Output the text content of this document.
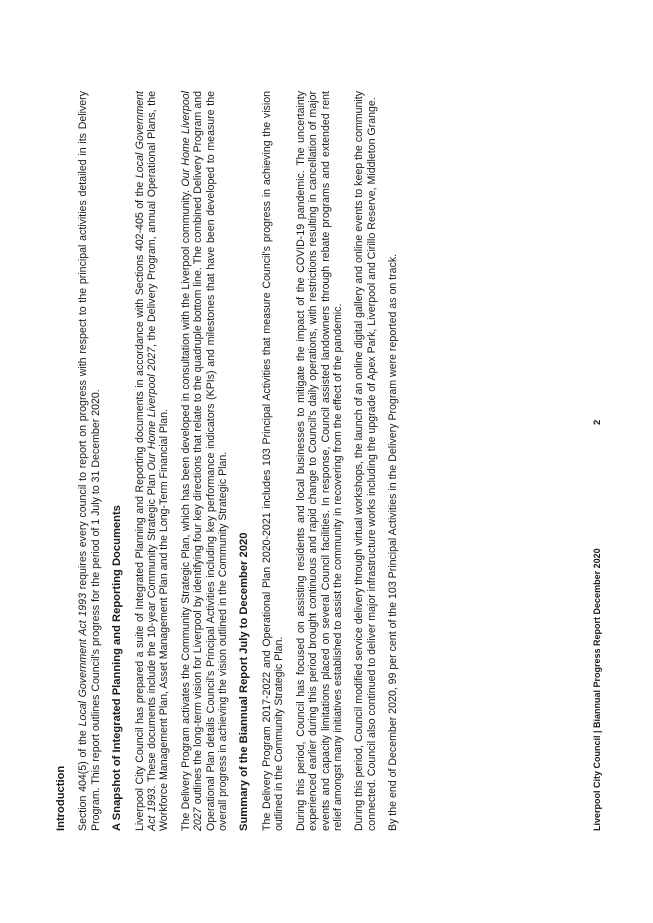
Introduction Section 404(5) of the Local Government Act 1993 requires every council to report on progress with respect to the principal activities detailed in its Delivery Program. This report outlines Council's progress for the period of 1 July to 31 December 2020. A Snapshot of Integrated Planning and Reporting Documents Liverpool City Council has prepared a suite of Integrated Planning and Reporting documents in accordance with Sections 402-405 of the Local Government Act 1993. These documents include the 10-year Community Strategic Plan Our Home Liverpool 2027, the Delivery Program, annual Operational Plans, the Workforce Management Plan, Asset Management Plan and the Long-Term Financial Plan. The Delivery Program activates the Community Strategic Plan, which has been developed in consultation with the Liverpool community. Our Home Liverpool 2027 outlines the long-term vision for Liverpool by identifying four key directions that relate to the quadruple bottom line. The combined Delivery Program and Operational Plan details Council's Principal Activities including key performance indicators (KPIs) and milestones that have been developed to measure the overall progress in achieving the vision outlined in the Community Strategic Plan. Summary of the Biannual Report July to December 2020 The Delivery Program 2017-2022 and Operational Plan 2020-2021 includes 103 Principal Activities that measure Council's progress in achieving the vision outlined in the Community Strategic Plan. During this period, Council has focused on assisting residents and local businesses to mitigate the impact of the COVID-19 pandemic. The uncertainty experienced earlier during this period brought continuous and rapid change to Council's daily operations, with restrictions resulting in cancellation of major events and capacity limitations placed on several Council facilities. In response, Council assisted landowners through rebate programs and extended rent relief amongst many initiatives established to assist the community in recovering from the effect of the pandemic. During this period, Council modified service delivery through virtual workshops, the launch of an online digital gallery and online events to keep the community connected. Council also continued to deliver major infrastructure works including the upgrade of Apex Park, Liverpool and Cirillo Reserve, Middleton Grange. By the end of December 2020, 99 per cent of the 103 Principal Activities in the Delivery Program were reported as on track.	Liverpool City Council | Biannual Progress Report December 2020
2
